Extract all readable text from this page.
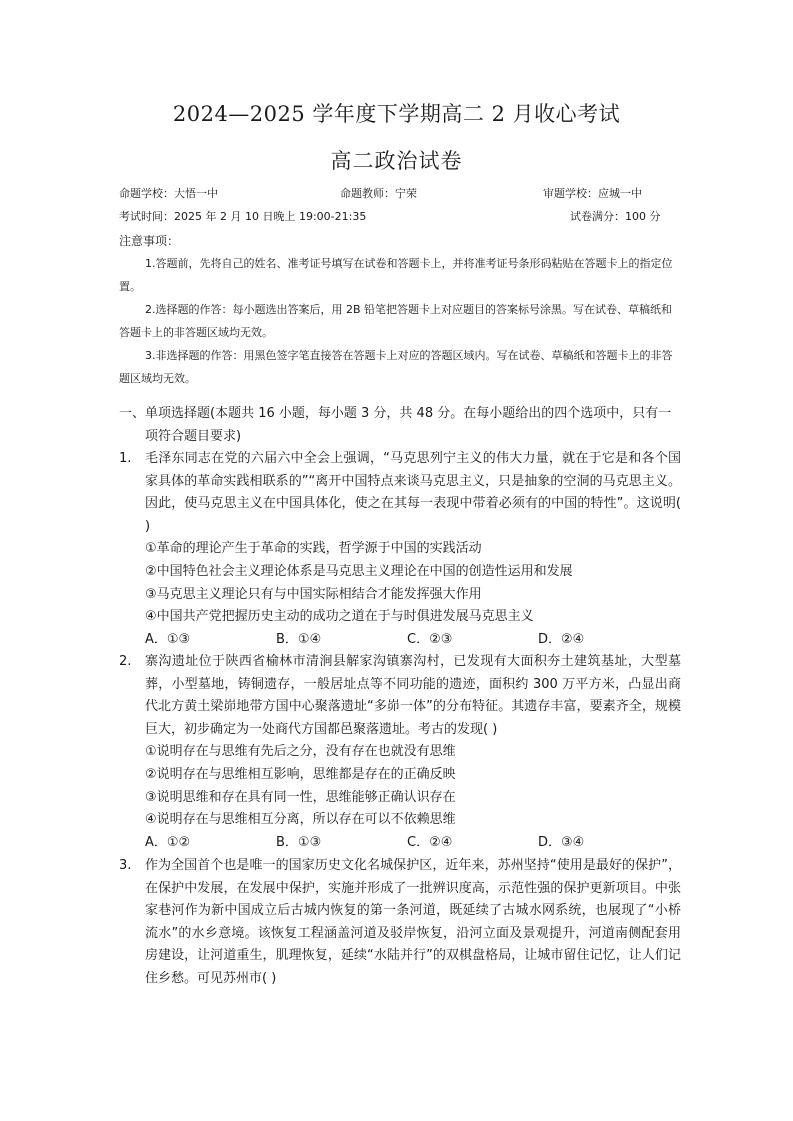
2024—2025 学年度下学期高二 2 月收心考试
高二政治试卷
命题学校：大悟一中	命题教师：宁荣	审题学校：应城一中
考试时间：2025 年 2 月 10 日晚上 19:00-21:35	试卷满分：100 分
注意事项：
1.答题前，先将自己的姓名、准考证号填写在试卷和答题卡上，并将准考证号条形码粘贴在答题卡上的指定位置。
2.选择题的作答：每小题选出答案后，用 2B 铅笔把答题卡上对应题目的答案标号涂黑。写在试卷、草稿纸和答题卡上的非答题区域均无效。
3.非选择题的作答：用黑色签字笔直接答在答题卡上对应的答题区域内。写在试卷、草稿纸和答题卡上的非答题区域均无效。
一、单项选择题(本题共 16 小题，每小题 3 分，共 48 分。在每小题给出的四个选项中，只有一
项符合题目要求)
1. 毛泽东同志在党的六届六中全会上强调，“马克思列宁主义的伟大力量，就在于它是和各个国家具体的革命实践相联系的”“离开中国特点来谈马克思主义，只是抽象的空洞的马克思主义。因此，使马克思主义在中国具体化，使之在其每一表现中带着必须有的中国的特性”。这说明( )
①革命的理论产生于革命的实践，哲学源于中国的实践活动
②中国特色社会主义理论体系是马克思主义理论在中国的创造性运用和发展
③马克思主义理论只有与中国实际相结合才能发挥强大作用
④中国共产党把握历史主动的成功之道在于与时俱进发展马克思主义
A．①③	B．①④	C．②③	D．②④
2. 寨沟遗址位于陕西省榆林市清涧县解家沟镇寨沟村，已发现有大面积夯土建筑基址，大型墓葬，小型墓地，铸铜遗存，一般居址点等不同功能的遗迹，面积约 300 万平方米，凸显出商代北方黄土梁峁地带方国中心聚落遗址“多峁一体”的分布特征。其遗存丰富，要素齐全，规模巨大，初步确定为一处商代方国都邑聚落遗址。考古的发现( )
①说明存在与思维有先后之分，没有存在也就没有思维
②说明存在与思维相互影响，思维都是存在的正确反映
③说明思维和存在具有同一性，思维能够正确认识存在
④说明存在与思维相互分离，所以存在可以不依赖思维
A．①②	B．①③	C．②④	D．③④
3. 作为全国首个也是唯一的国家历史文化名城保护区，近年来，苏州坚持“使用是最好的保护”，在保护中发展，在发展中保护，实施并形成了一批辨识度高，示范性强的保护更新项目。中张家巷河作为新中国成立后古城内恢复的第一条河道，既延续了古城水网系统，也展现了“小桥流水”的水乡意境。该恢复工程涵盖河道及驳岸恢复，沿河立面及景观提升，河道南侧配套用房建设，让河道重生，肌理恢复，延续“水陆并行”的双棋盘格局，让城市留住记忆，让人们记住乡愁。可见苏州市( )
